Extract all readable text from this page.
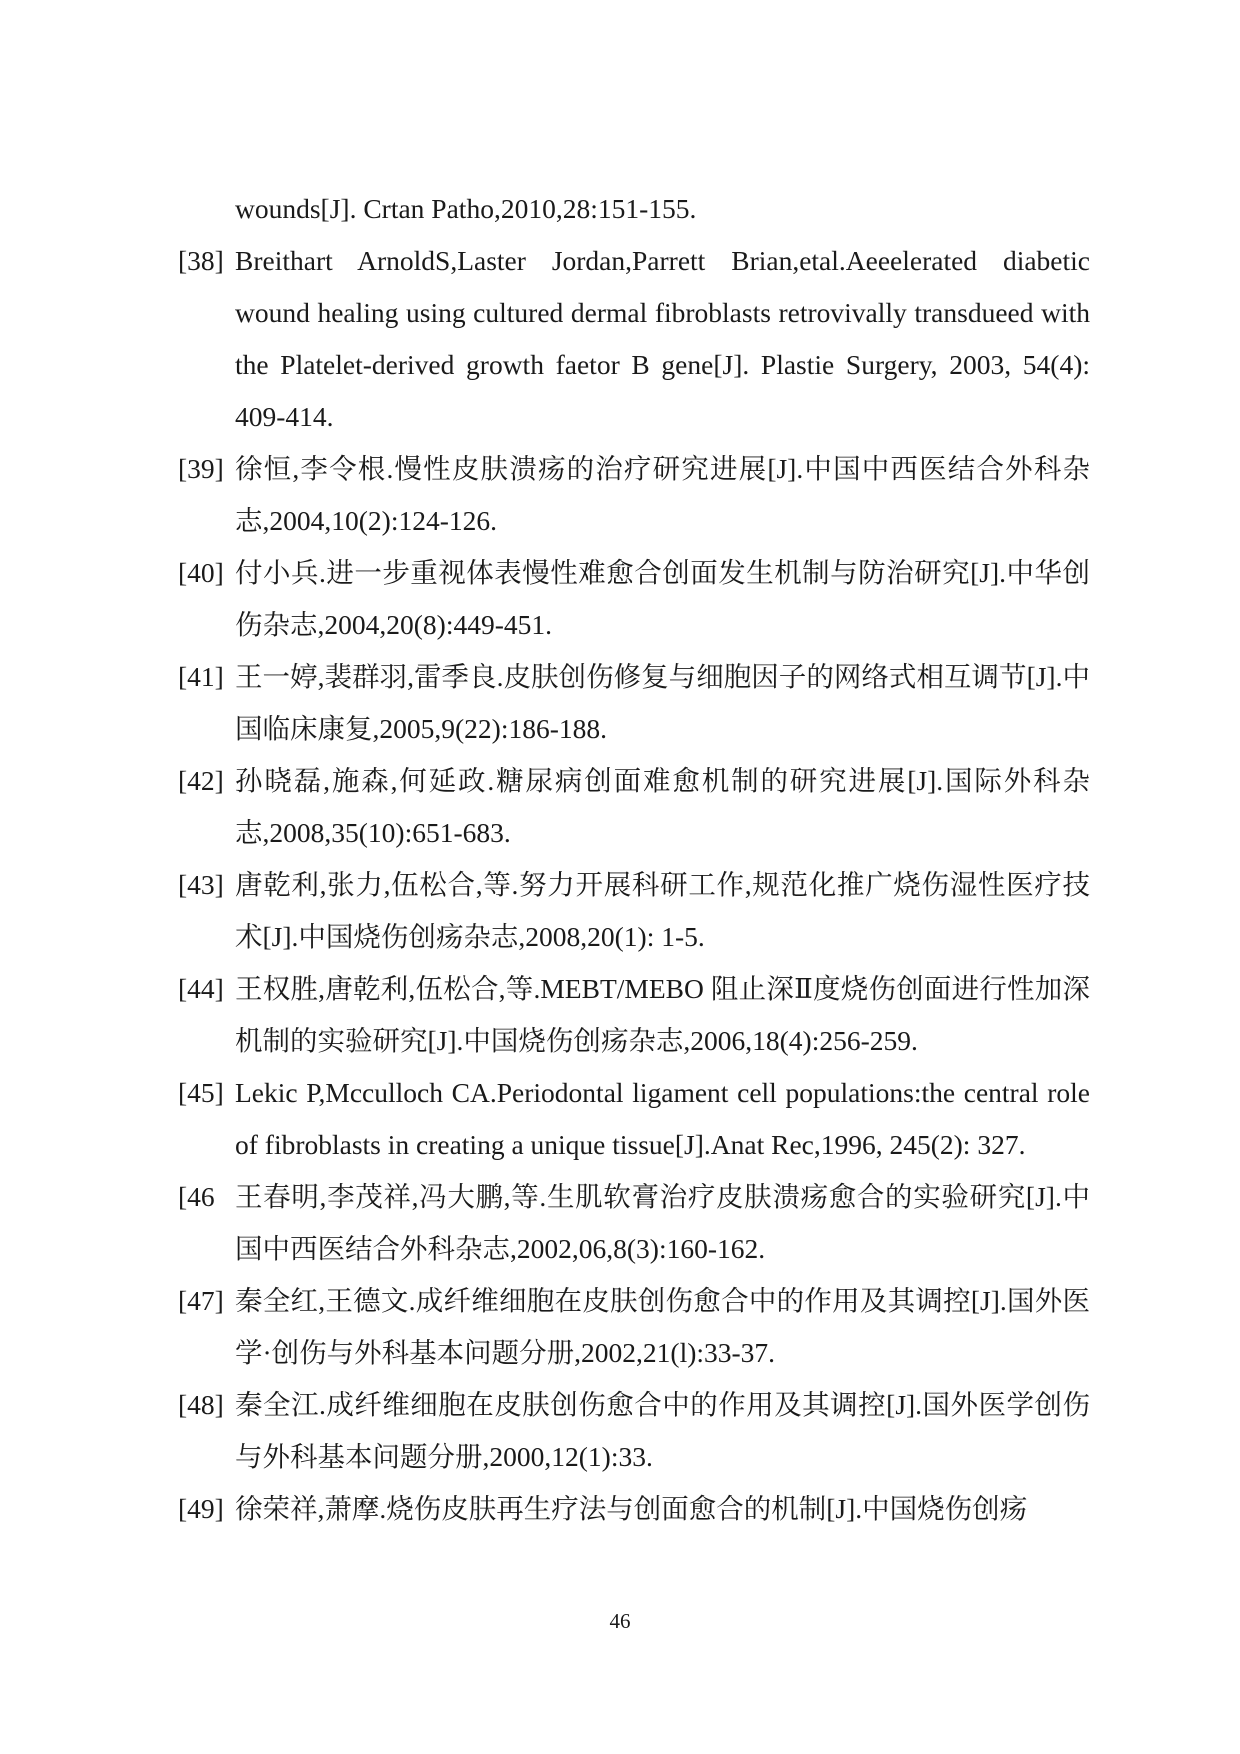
wounds[J]. Crtan Patho,2010,28:151-155.
[38] Breithart ArnoldS,Laster Jordan,Parrett Brian,etal.Aeeelerated diabetic wound healing using cultured dermal fibroblasts retrovivally transdueed with the Platelet-derived growth faetor B gene[J]. Plastie Surgery, 2003, 54(4): 409-414.
[39] 徐恒,李令根.慢性皮肤溃疡的治疗研究进展[J].中国中西医结合外科杂志,2004,10(2):124-126.
[40] 付小兵.进一步重视体表慢性难愈合创面发生机制与防治研究[J].中华创伤杂志,2004,20(8):449-451.
[41] 王一婷,裴群羽,雷季良.皮肤创伤修复与细胞因子的网络式相互调节[J].中国临床康复,2005,9(22):186-188.
[42] 孙晓磊,施森,何延政.糖尿病创面难愈机制的研究进展[J].国际外科杂志,2008,35(10):651-683.
[43] 唐乾利,张力,伍松合,等.努力开展科研工作,规范化推广烧伤湿性医疗技术[J].中国烧伤创疡杂志,2008,20(1): 1-5.
[44] 王权胜,唐乾利,伍松合,等.MEBT/MEBO 阻止深Ⅱ度烧伤创面进行性加深机制的实验研究[J].中国烧伤创疡杂志,2006,18(4):256-259.
[45] Lekic P,Mcculloch CA.Periodontal ligament cell populations:the central role of fibroblasts in creating a unique tissue[J].Anat Rec,1996, 245(2): 327.
[46 王春明,李茂祥,冯大鹏,等.生肌软膏治疗皮肤溃疡愈合的实验研究[J].中国中西医结合外科杂志,2002,06,8(3):160-162.
[47] 秦全红,王德文.成纤维细胞在皮肤创伤愈合中的作用及其调控[J].国外医学·创伤与外科基本问题分册,2002,21(l):33-37.
[48] 秦全江.成纤维细胞在皮肤创伤愈合中的作用及其调控[J].国外医学创伤与外科基本问题分册,2000,12(1):33.
[49] 徐荣祥,萧摩.烧伤皮肤再生疗法与创面愈合的机制[J].中国烧伤创疡
46
